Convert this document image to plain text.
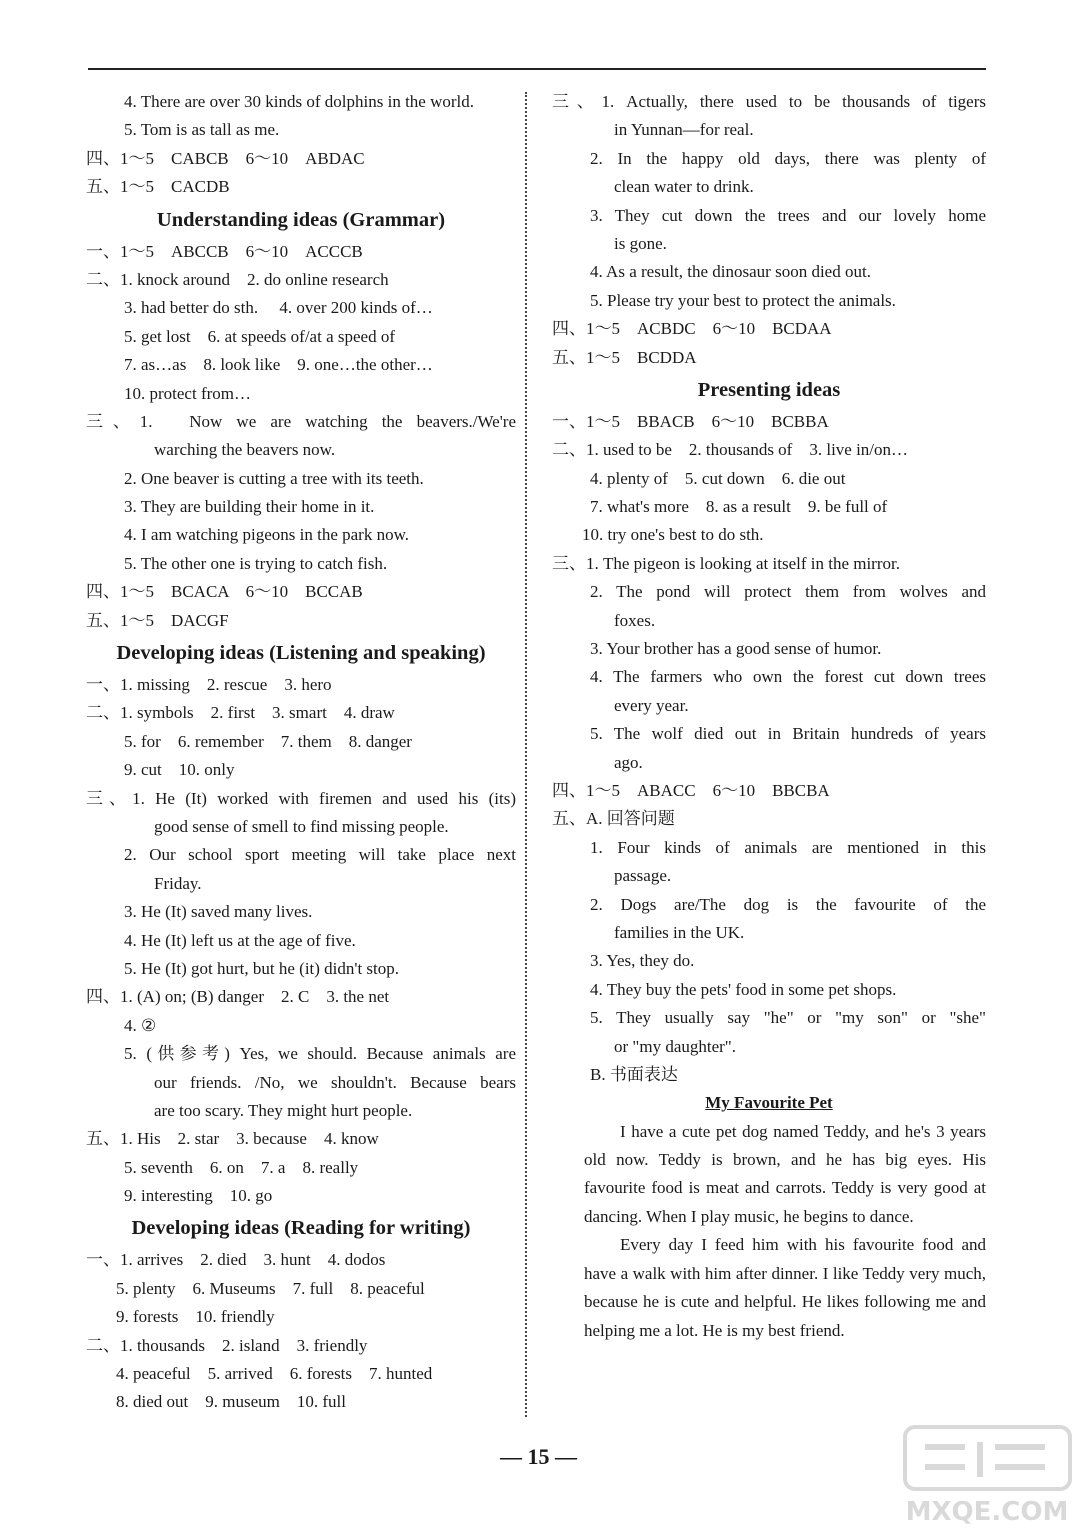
4. There are over 30 kinds of dolphins in the world.
5. Tom is as tall as me.
四、1～5　CABCB　6～10　ABDAC
五、1～5　CACDB
Understanding ideas (Grammar)
一、1～5　ABCCB　6～10　ACCCB
二、1. knock around　2. do online research
3. had better do sth.　 4. over 200 kinds of…
5. get lost　6. at speeds of/at a speed of
7. as…as　8. look like　9. one…the other…
10. protect from…
三、1.　Now we are watching the beavers./We're
warching the beavers now.
2. One beaver is cutting a tree with its teeth.
3. They are building their home in it.
4. I am watching pigeons in the park now.
5. The other one is trying to catch fish.
四、1～5　BCACA　6～10　BCCAB
五、1～5　DACGF
Developing ideas (Listening and speaking)
一、1. missing　2. rescue　3. hero
二、1. symbols　2. first　3. smart　4. draw
5. for　6. remember　7. them　8. danger
9. cut　10. only
三、1. He (It) worked with firemen and used his (its)
good sense of smell to find missing people.
2. Our school sport meeting will take place next
Friday.
3. He (It) saved many lives.
4. He (It) left us at the age of five.
5. He (It) got hurt, but he (it) didn't stop.
四、1. (A) on; (B) danger　2. C　3. the net
4. ②
5. (供参考) Yes, we should. Because animals are
our friends. /No, we shouldn't. Because bears
are too scary. They might hurt people.
五、1. His　2. star　3. because　4. know
5. seventh　6. on　7. a　8. really
9. interesting　10. go
Developing ideas (Reading for writing)
一、1. arrives　2. died　3. hunt　4. dodos
5. plenty　6. Museums　7. full　8. peaceful
9. forests　10. friendly
二、1. thousands　2. island　3. friendly
4. peaceful　5. arrived　6. forests　7. hunted
8. died out　9. museum　10. full
三、1. Actually, there used to be thousands of tigers
in Yunnan—for real.
2. In the happy old days, there was plenty of
clean water to drink.
3. They cut down the trees and our lovely home
is gone.
4. As a result, the dinosaur soon died out.
5. Please try your best to protect the animals.
四、1～5　ACBDC　6～10　BCDAA
五、1～5　BCDDA
Presenting ideas
一、1～5　BBACB　6～10　BCBBA
二、1. used to be　2. thousands of　3. live in/on…
4. plenty of　5. cut down　6. die out
7. what's more　8. as a result　9. be full of
10. try one's best to do sth.
三、1. The pigeon is looking at itself in the mirror.
2. The pond will protect them from wolves and
foxes.
3. Your brother has a good sense of humor.
4. The farmers who own the forest cut down trees
every year.
5. The wolf died out in Britain hundreds of years
ago.
四、1～5　ABACC　6～10　BBCBA
五、A. 回答问题
1. Four kinds of animals are mentioned in this
passage.
2. Dogs are/The dog is the favourite of the
families in the UK.
3. Yes, they do.
4. They buy the pets' food in some pet shops.
5. They usually say "he" or "my son" or "she"
or "my daughter".
B. 书面表达
My Favourite Pet

I have a cute pet dog named Teddy, and he's 3 years old now. Teddy is brown, and he has big eyes. His favourite food is meat and carrots. Teddy is very good at dancing. When I play music, he begins to dance.

Every day I feed him with his favourite food and have a walk with him after dinner. I like Teddy very much, because he is cute and helpful. He likes following me and helping me a lot. He is my best friend.

— 15 —
MXQE.COM
